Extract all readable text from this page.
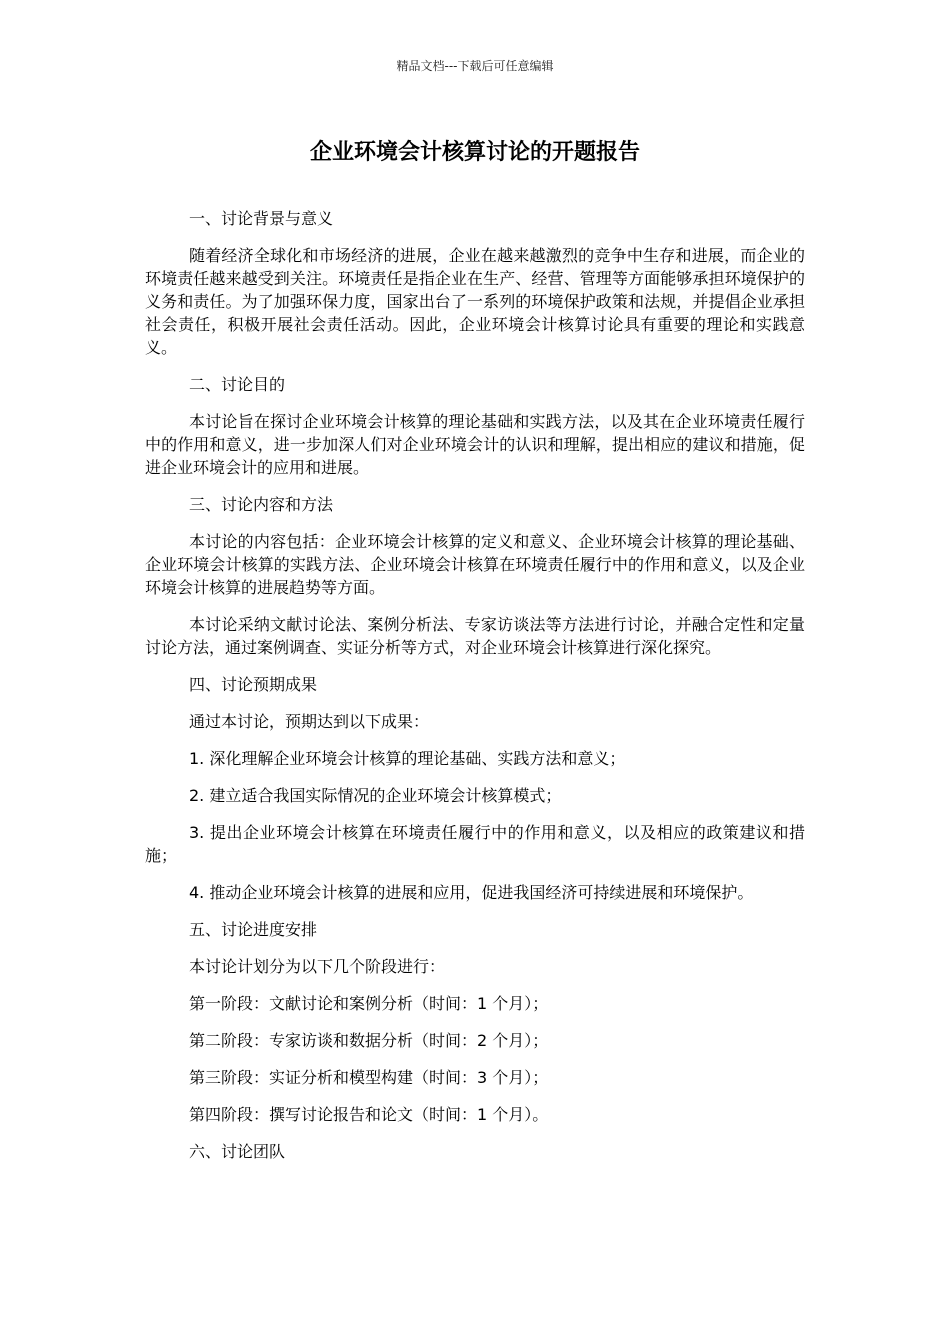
精品文档---下载后可任意编辑
企业环境会计核算讨论的开题报告

一、讨论背景与意义

随着经济全球化和市场经济的进展，企业在越来越激烈的竞争中生存和进展，而企业的环境责任越来越受到关注。环境责任是指企业在生产、经营、管理等方面能够承担环境保护的义务和责任。为了加强环保力度，国家出台了一系列的环境保护政策和法规，并提倡企业承担社会责任，积极开展社会责任活动。因此，企业环境会计核算讨论具有重要的理论和实践意义。

二、讨论目的

本讨论旨在探讨企业环境会计核算的理论基础和实践方法，以及其在企业环境责任履行中的作用和意义，进一步加深人们对企业环境会计的认识和理解，提出相应的建议和措施，促进企业环境会计的应用和进展。

三、讨论内容和方法

本讨论的内容包括：企业环境会计核算的定义和意义、企业环境会计核算的理论基础、企业环境会计核算的实践方法、企业环境会计核算在环境责任履行中的作用和意义，以及企业环境会计核算的进展趋势等方面。

本讨论采纳文献讨论法、案例分析法、专家访谈法等方法进行讨论，并融合定性和定量讨论方法，通过案例调查、实证分析等方式，对企业环境会计核算进行深化探究。

四、讨论预期成果

通过本讨论，预期达到以下成果：

1. 深化理解企业环境会计核算的理论基础、实践方法和意义；

2. 建立适合我国实际情况的企业环境会计核算模式；

3. 提出企业环境会计核算在环境责任履行中的作用和意义，以及相应的政策建议和措施；

4. 推动企业环境会计核算的进展和应用，促进我国经济可持续进展和环境保护。

五、讨论进度安排

本讨论计划分为以下几个阶段进行：

第一阶段：文献讨论和案例分析（时间：1 个月）；

第二阶段：专家访谈和数据分析（时间：2 个月）；

第三阶段：实证分析和模型构建（时间：3 个月）；

第四阶段：撰写讨论报告和论文（时间：1 个月）。

六、讨论团队
